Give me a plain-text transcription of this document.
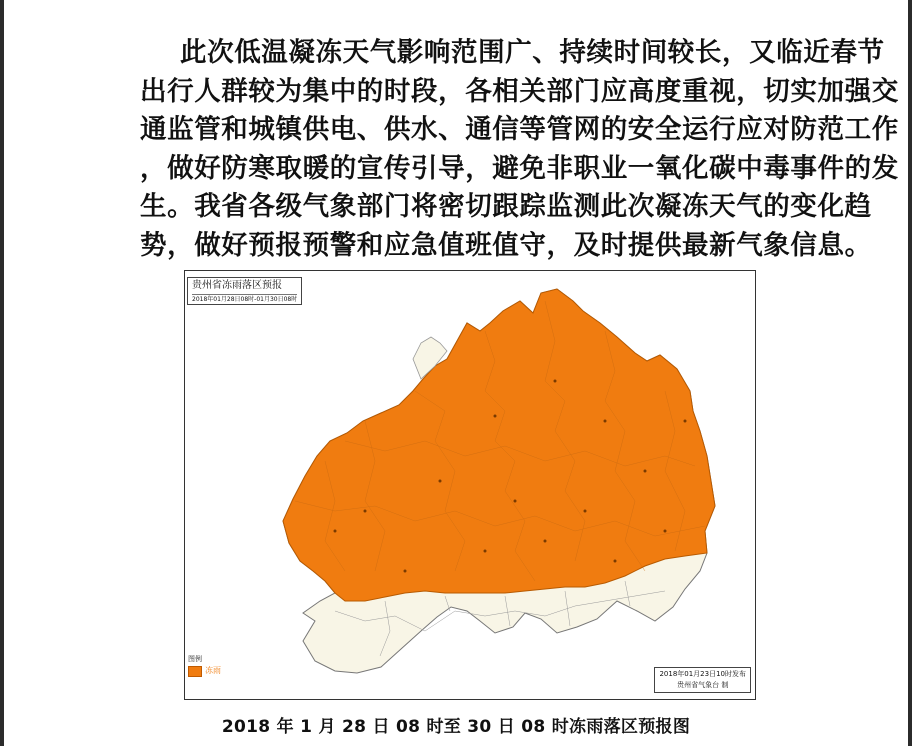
此次低温凝冻天气影响范围广、持续时间较长，又临近春节
出行人群较为集中的时段，各相关部门应高度重视，切实加强交
通监管和城镇供电、供水、通信等管网的安全运行应对防范工作
，做好防寒取暖的宣传引导，避免非职业一氧化碳中毒事件的发
生。我省各级气象部门将密切跟踪监测此次凝冻天气的变化趋
势，做好预报预警和应急值班值守，及时提供最新气象信息。
贵州省冻雨落区预报
2018年01月28日08时-01月30日08时
图例
冻雨	2018年01月23日10时发布
贵州省气象台 制
2018 年 1 月 28 日 08 时至 30 日 08 时冻雨落区预报图
